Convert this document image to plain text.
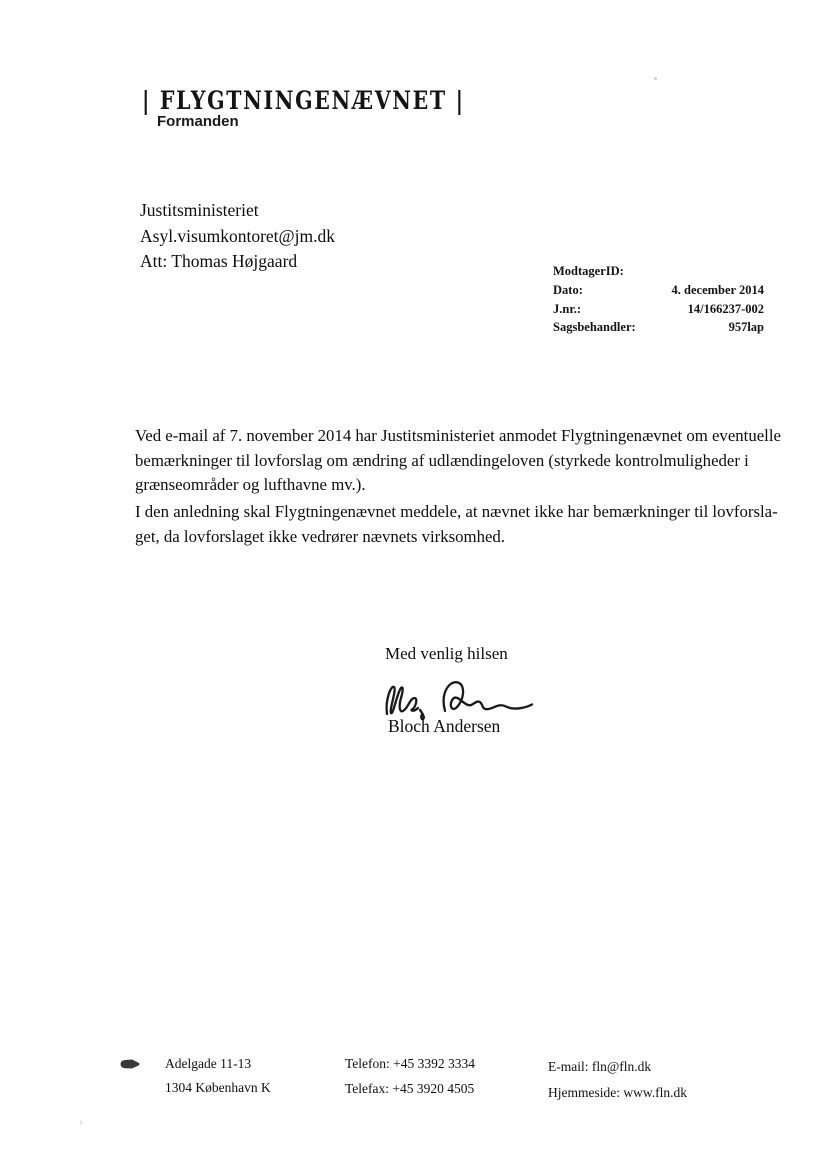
| FLYGTNINGENÆVNET |
Formanden
Justitsministeriet
Asyl.visumkontoret@jm.dk
Att: Thomas Højgaard	ModtagerID:
Dato:	4. december 2014
J.nr.:	14/166237-002
Sagsbehandler:	957lap
Ved e-mail af 7. november 2014 har Justitsministeriet anmodet Flygtningenævnet om eventuelle
bemærkninger til lovforslag om ændring af udlændingeloven (styrkede kontrolmuligheder i
grænseområder og lufthavne mv.).
I den anledning skal Flygtningenævnet meddele, at nævnet ikke har bemærkninger til lovforsla-
get, da lovforslaget ikke vedrører nævnets virksomhed.
Med venlig hilsen
Bloch Andersen
Adelgade 11-13
1304 København K
Telefon: +45 3392 3334
Telefax: +45 3920 4505
E-mail: fln@fln.dk
Hjemmeside: www.fln.dk
